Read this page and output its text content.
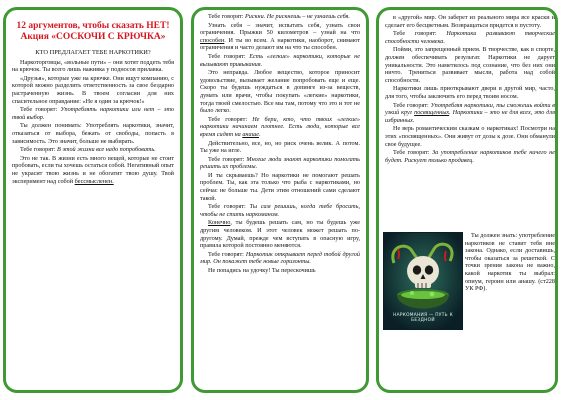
12 аргументов, чтобы сказать НЕТ! Акция «СОСКОЧИ С КРЮЧКА»
КТО ПРЕДЛАГАЕТ ТЕБЕ НАРКОТИКИ?

Наркоторговцы, «вольные пути» – они хотят поддеть тебя на крючок. Ты всего лишь наживка у подносов прилавка.

«Друзья», которые уже на крючке. Они ищут компанию, с которой можно разделить ответственность за свое бездарно растраченную жизнь. В твоем согласии для них спасительное оправдание: «Не я один за крючок!»

Тебе говорят: Употреблять наркотики или нет – это твой выбор.

Ты должен понимать: Употреблять наркотики, значит, отказаться от выбора, бежать от свободы, попасть в зависимость. Это значит, больше не выбирать.

Тебе говорят: В этой жизни все надо попробовать.

Это не так. В жизни есть много вещей, которые не стоит пробовать, если ты хочешь остаться собой. Негативный опыт не украсит твою жизнь и не обогатит твою душу. Твой эксперимент над собой бессмысленен.

Тебе говорят: Рискни. Не рискнешь – не узнаешь себя.

Узнать себя – значит, испытать себя, узнать свои ограничения. Прыжки 50 километров – узнай на что способен. И ты во всем. А наркотики, наоборот, снимают ограничения и часто делают им на что ты способен.

Тебе говорят: Есть «легкие» наркотики, которые не вызывают привыкания.

Это неправда. Любое вещество, которое приносит удовольствие, вызывает желание попробовать еще и еще. Скоро ты будешь нуждаться в допинге из-за веществ, думать или врачи, чтобы покупать «легкие» наркотики, тогда твоей смелостью. Все мы там, потому что это и тот не было легко.

Тебе говорят: Не бери, кто, что твоих «легкие» наркотики начинаем плотнее. Есть люди, которые все время сидят на анаше.

Действительно, все, но, но риск очень велик. А потом. Ты уже на игле.

Тебе говорят: Многие люди знают наркотики помогать решить их проблемы.

И ты скрываешь? Но наркотики не помогают решать проблем. Ты, как эта только что рыба с наркотиками, но сейчас не больше ты. Дети этим отношений сами сделают такой.

Тебе говорят: Ты сам решишь, когда тебе бросить, чтобы не стать наркоманом.

Конечно, ты будешь решать сам, но ты будешь уже другим человеком. И этот человек может решать по-другому. Думай, прежде чем вступать в опасную игру, правила которой постоянно меняются.

Тебе говорят: Наркотик открывает перед тобой другой мир. Он покажет тебе новые горизонты.

Не попадись на удочку! Ты перескочишь

в «другой» мир. Он заберет из реального мира все краски и сделает его бесцветным. Возвращаться придется в пустоту.

Тебе говорят: Наркотики развивают творческие способности человека.

Пойми, это запрещенный прием. В творчестве, как в спорте, должен обеспечивать результат. Наркотики не дарует уникальности. Это наметилось под сознание, что без них они ничто. Трениться развивает мысли, работа над собой способности.

Наркотики лишь приоткрывают двери в другой мир, часто, для того, чтобы заключить его перед твоим носом.

Тебе говорят: Употребляя наркотики, ты сможешь войти в узкий круг посвященных. Наркотики – это не для всех, это для избранных.

Не верь романтическим сказкам о наркотиках! Посмотри на этих «посвященных». Они живут от дозы к дозе. Они обманули свое будущее.

Тебе говорят: За употребление наркотиков тебе ничего не будет. Рискует только продавец.

НАРКОМАНИЯ — ПУТЬ К БЕЗДНОЙ

Ты должен знать: употребление наркотиков не ставит тебя вне закона. Однако, если доставишь, чтобы оказаться за решеткой. С точки зрения закона не важно, какой наркотик ты выбрал: опиум, героин или анашу. (ст228 УК РФ).
